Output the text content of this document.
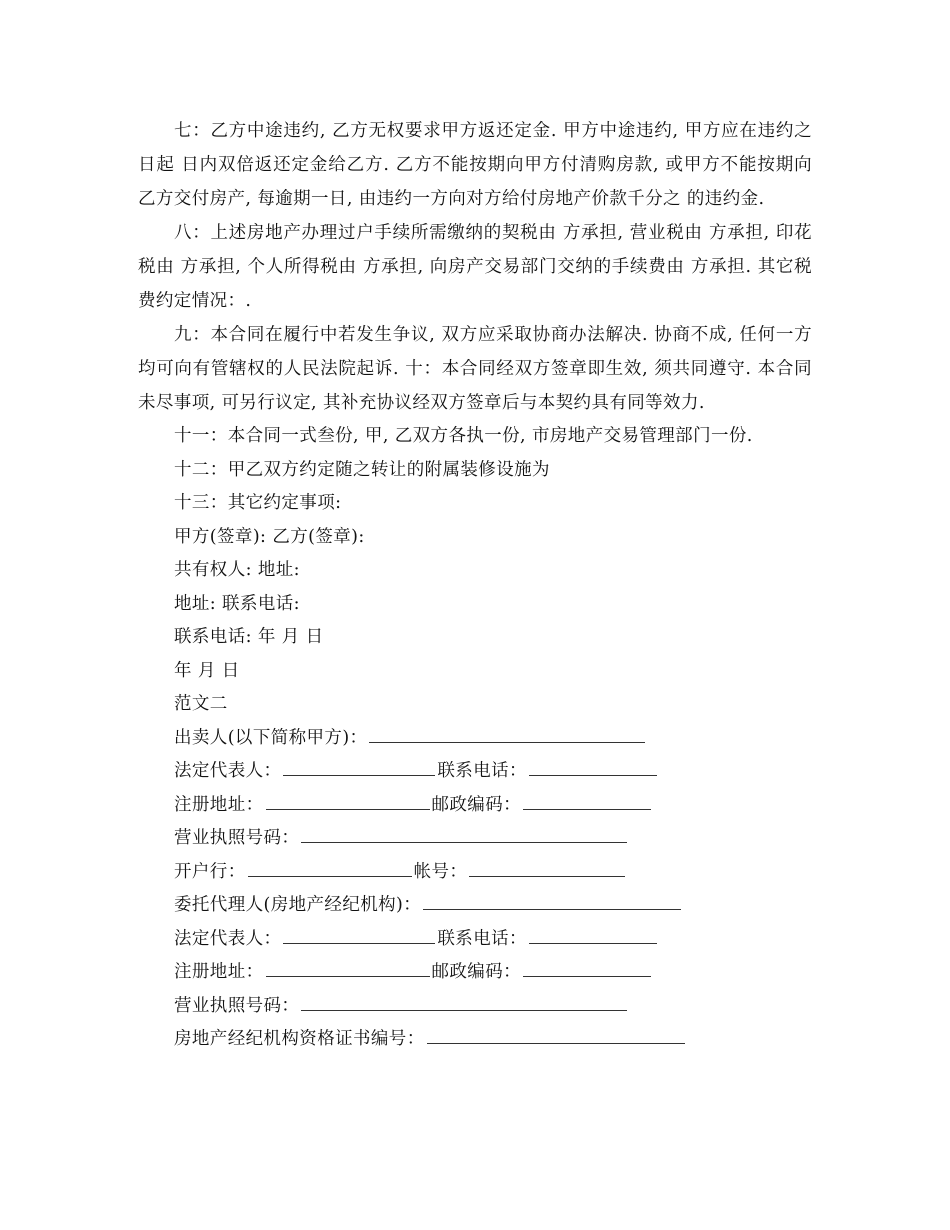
七：乙方中途违约, 乙方无权要求甲方返还定金. 甲方中途违约, 甲方应在违约之日起 日内双倍返还定金给乙方. 乙方不能按期向甲方付清购房款, 或甲方不能按期向乙方交付房产, 每逾期一日, 由违约一方向对方给付房地产价款千分之 的违约金.

八：上述房地产办理过户手续所需缴纳的契税由 方承担, 营业税由 方承担, 印花税由 方承担, 个人所得税由 方承担, 向房产交易部门交纳的手续费由 方承担. 其它税费约定情况：.

九：本合同在履行中若发生争议, 双方应采取协商办法解决. 协商不成, 任何一方均可向有管辖权的人民法院起诉. 十：本合同经双方签章即生效, 须共同遵守. 本合同未尽事项, 可另行议定, 其补充协议经双方签章后与本契约具有同等效力.

十一：本合同一式叁份, 甲, 乙双方各执一份, 市房地产交易管理部门一份.

十二：甲乙双方约定随之转让的附属装修设施为

十三：其它约定事项:

甲方(签章): 乙方(签章):

共有权人: 地址:

地址: 联系电话:

联系电话: 年 月 日

年 月 日

范文二

出卖人(以下简称甲方)：

法定代表人：	联系电话：

注册地址：	邮政编码：

营业执照号码：

开户行：	帐号：

委托代理人(房地产经纪机构)：

法定代表人：	联系电话：

注册地址：	邮政编码：

营业执照号码：

房地产经纪机构资格证书编号：
